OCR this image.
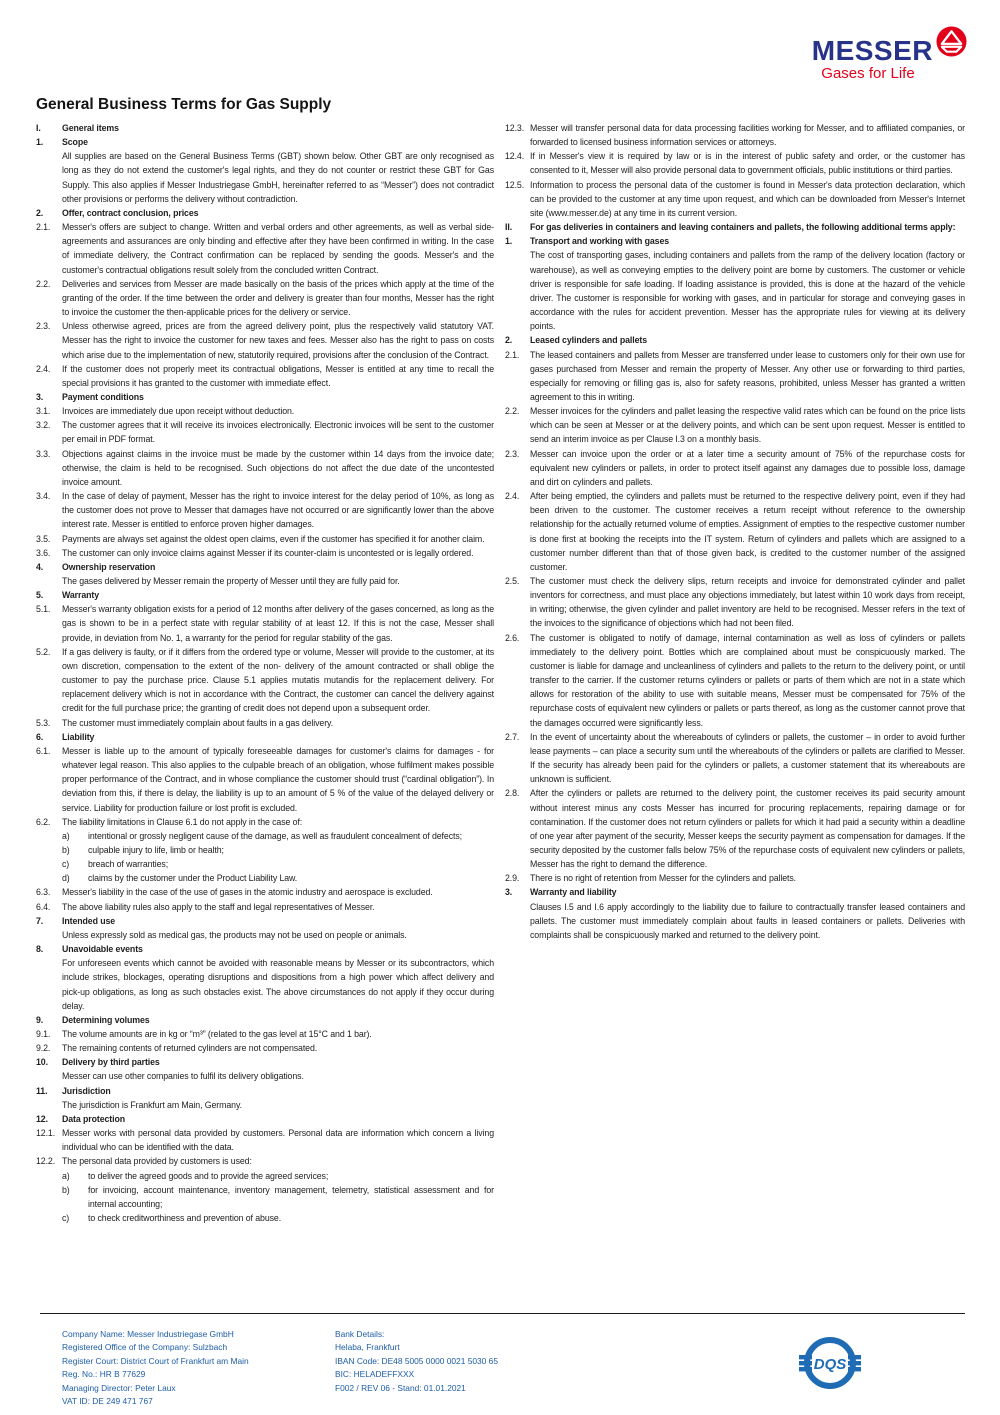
MESSER
Gases for Life
General Business Terms for Gas Supply
I.	General items
1.	Scope
All supplies are based on the General Business Terms (GBT) shown below. Other GBT are only recognised as long as they do not extend the customer's legal rights, and they do not counter or restrict these GBT for Gas Supply. This also applies if Messer Industriegase GmbH, hereinafter referred to as “Messer”) does not contradict other provisions or performs the delivery without contradiction.
2.	Offer, contract conclusion, prices
2.1.	Messer's offers are subject to change. Written and verbal orders and other agreements, as well as verbal side-agreements and assurances are only binding and effective after they have been confirmed in writing. In the case of immediate delivery, the Contract confirmation can be replaced by sending the goods. Messer's and the customer's contractual obligations result solely from the concluded written Contract.
2.2.	Deliveries and services from Messer are made basically on the basis of the prices which apply at the time of the granting of the order. If the time between the order and delivery is greater than four months, Messer has the right to invoice the customer the then-applicable prices for the delivery or service.
2.3.	Unless otherwise agreed, prices are from the agreed delivery point, plus the respectively valid statutory VAT. Messer has the right to invoice the customer for new taxes and fees. Messer also has the right to pass on costs which arise due to the implementation of new, statutorily required, provisions after the conclusion of the Contract.
2.4.	If the customer does not properly meet its contractual obligations, Messer is entitled at any time to recall the special provisions it has granted to the customer with immediate effect.
3.	Payment conditions
3.1.	Invoices are immediately due upon receipt without deduction.
3.2.	The customer agrees that it will receive its invoices electronically. Electronic invoices will be sent to the customer per email in PDF format.
3.3.	Objections against claims in the invoice must be made by the customer within 14 days from the invoice date; otherwise, the claim is held to be recognised. Such objections do not affect the due date of the uncontested invoice amount.
3.4.	In the case of delay of payment, Messer has the right to invoice interest for the delay period of 10%, as long as the customer does not prove to Messer that damages have not occurred or are significantly lower than the above interest rate. Messer is entitled to enforce proven higher damages.
3.5.	Payments are always set against the oldest open claims, even if the customer has specified it for another claim.
3.6.	The customer can only invoice claims against Messer if its counter-claim is uncontested or is legally ordered.
4.	Ownership reservation
The gases delivered by Messer remain the property of Messer until they are fully paid for.
5.	Warranty
5.1.	Messer's warranty obligation exists for a period of 12 months after delivery of the gases concerned, as long as the gas is shown to be in a perfect state with regular stability of at least 12. If this is not the case, Messer shall provide, in deviation from No. 1, a warranty for the period for regular stability of the gas.
5.2.	If a gas delivery is faulty, or if it differs from the ordered type or volume, Messer will provide to the customer, at its own discretion, compensation to the extent of the non- delivery of the amount contracted or shall oblige the customer to pay the purchase price. Clause 5.1 applies mutatis mutandis for the replacement delivery. For replacement delivery which is not in accordance with the Contract, the customer can cancel the delivery against credit for the full purchase price; the granting of credit does not depend upon a subsequent order.
5.3.	The customer must immediately complain about faults in a gas delivery.
6.	Liability
6.1.	Messer is liable up to the amount of typically foreseeable damages for customer's claims for damages - for whatever legal reason. This also applies to the culpable breach of an obligation, whose fulfilment makes possible proper performance of the Contract, and in whose compliance the customer should trust (“cardinal obligation”). In deviation from this, if there is delay, the liability is up to an amount of 5 % of the value of the delayed delivery or service. Liability for production failure or lost profit is excluded.
6.2.	The liability limitations in Clause 6.1 do not apply in the case of:
a)	intentional or grossly negligent cause of the damage, as well as fraudulent concealment of defects;
b)	culpable injury to life, limb or health;
c)	breach of warranties;
d)	claims by the customer under the Product Liability Law.
6.3.	Messer's liability in the case of the use of gases in the atomic industry and aerospace is excluded.
6.4.	The above liability rules also apply to the staff and legal representatives of Messer.
7.	Intended use
Unless expressly sold as medical gas, the products may not be used on people or animals.
8.	Unavoidable events
For unforeseen events which cannot be avoided with reasonable means by Messer or its subcontractors, which include strikes, blockages, operating disruptions and dispositions from a high power which affect delivery and pick-up obligations, as long as such obstacles exist. The above circumstances do not apply if they occur during delay.
9.	Determining volumes
9.1.	The volume amounts are in kg or “m³” (related to the gas level at 15°C and 1 bar).
9.2.	The remaining contents of returned cylinders are not compensated.
10.	Delivery by third parties
Messer can use other companies to fulfil its delivery obligations.
11.	Jurisdiction
The jurisdiction is Frankfurt am Main, Germany.
12.	Data protection
12.1. Messer works with personal data provided by customers. Personal data are information which concern a living individual who can be identified with the data.
12.2. The personal data provided by customers is used:
a)	to deliver the agreed goods and to provide the agreed services;
b)	for invoicing, account maintenance, inventory management, telemetry, statistical assessment and for internal accounting;
c)	to check creditworthiness and prevention of abuse.
12.3. Messer will transfer personal data for data processing facilities working for Messer, and to affiliated companies, or forwarded to licensed business information services or attorneys.
12.4. If in Messer's view it is required by law or is in the interest of public safety and order, or the customer has consented to it, Messer will also provide personal data to government officials, public institutions or third parties.
12.5. Information to process the personal data of the customer is found in Messer's data protection declaration, which can be provided to the customer at any time upon request, and which can be downloaded from Messer's Internet site (www.messer.de) at any time in its current version.
II.	For gas deliveries in containers and leaving containers and pallets, the following additional terms apply:
1.	Transport and working with gases
The cost of transporting gases, including containers and pallets from the ramp of the delivery location (factory or warehouse), as well as conveying empties to the delivery point are borne by customers. The customer or vehicle driver is responsible for safe loading. If loading assistance is provided, this is done at the hazard of the vehicle driver. The customer is responsible for working with gases, and in particular for storage and conveying gases in accordance with the rules for accident prevention. Messer has the appropriate rules for viewing at its delivery points.
2.	Leased cylinders and pallets
2.1.	The leased containers and pallets from Messer are transferred under lease to customers only for their own use for gases purchased from Messer and remain the property of Messer. Any other use or forwarding to third parties, especially for removing or filling gas is, also for safety reasons, prohibited, unless Messer has granted a written agreement to this in writing.
2.2.	Messer invoices for the cylinders and pallet leasing the respective valid rates which can be found on the price lists which can be seen at Messer or at the delivery points, and which can be sent upon request. Messer is entitled to send an interim invoice as per Clause I.3 on a monthly basis.
2.3.	Messer can invoice upon the order or at a later time a security amount of 75% of the repurchase costs for equivalent new cylinders or pallets, in order to protect itself against any damages due to possible loss, damage and dirt on cylinders and pallets.
2.4.	After being emptied, the cylinders and pallets must be returned to the respective delivery point, even if they had been driven to the customer. The customer receives a return receipt without reference to the ownership relationship for the actually returned volume of empties. Assignment of empties to the respective customer number is done first at booking the receipts into the IT system. Return of cylinders and pallets which are assigned to a customer number different than that of those given back, is credited to the customer number of the assigned customer.
2.5.	The customer must check the delivery slips, return receipts and invoice for demonstrated cylinder and pallet inventors for correctness, and must place any objections immediately, but latest within 10 work days from receipt, in writing; otherwise, the given cylinder and pallet inventory are held to be recognised. Messer refers in the text of the invoices to the significance of objections which had not been filed.
2.6.	The customer is obligated to notify of damage, internal contamination as well as loss of cylinders or pallets immediately to the delivery point. Bottles which are complained about must be conspicuously marked. The customer is liable for damage and uncleanliness of cylinders and pallets to the return to the delivery point, or until transfer to the carrier. If the customer returns cylinders or pallets or parts of them which are not in a state which allows for restoration of the ability to use with suitable means, Messer must be compensated for 75% of the repurchase costs of equivalent new cylinders or pallets or parts thereof, as long as the customer cannot prove that the damages occurred were significantly less.
2.7.	In the event of uncertainty about the whereabouts of cylinders or pallets, the customer – in order to avoid further lease payments – can place a security sum until the whereabouts of the cylinders or pallets are clarified to Messer. If the security has already been paid for the cylinders or pallets, a customer statement that its whereabouts are unknown is sufficient.
2.8.	After the cylinders or pallets are returned to the delivery point, the customer receives its paid security amount without interest minus any costs Messer has incurred for procuring replacements, repairing damage or for contamination. If the customer does not return cylinders or pallets for which it had paid a security within a deadline of one year after payment of the security, Messer keeps the security payment as compensation for damages. If the security deposited by the customer falls below 75% of the repurchase costs of equivalent new cylinders or pallets, Messer has the right to demand the difference.
2.9.	There is no right of retention from Messer for the cylinders and pallets.
3.	Warranty and liability
Clauses I.5 and I.6 apply accordingly to the liability due to failure to contractually transfer leased containers and pallets. The customer must immediately complain about faults in leased containers or pallets. Deliveries with complaints shall be conspicuously marked and returned to the delivery point.
Company Name: Messer Industriegase GmbH
Registered Office of the Company: Sulzbach
Register Court: District Court of Frankfurt am Main
Reg. No.: HR B 77629
Managing Director: Peter Laux
VAT ID: DE 249 471 767
Bank Details:
Helaba, Frankfurt
IBAN Code: DE48 5005 0000 0021 5030 65
BIC: HELADEFFXXX
F002 / REV 06 - Stand: 01.01.2021
DQS
